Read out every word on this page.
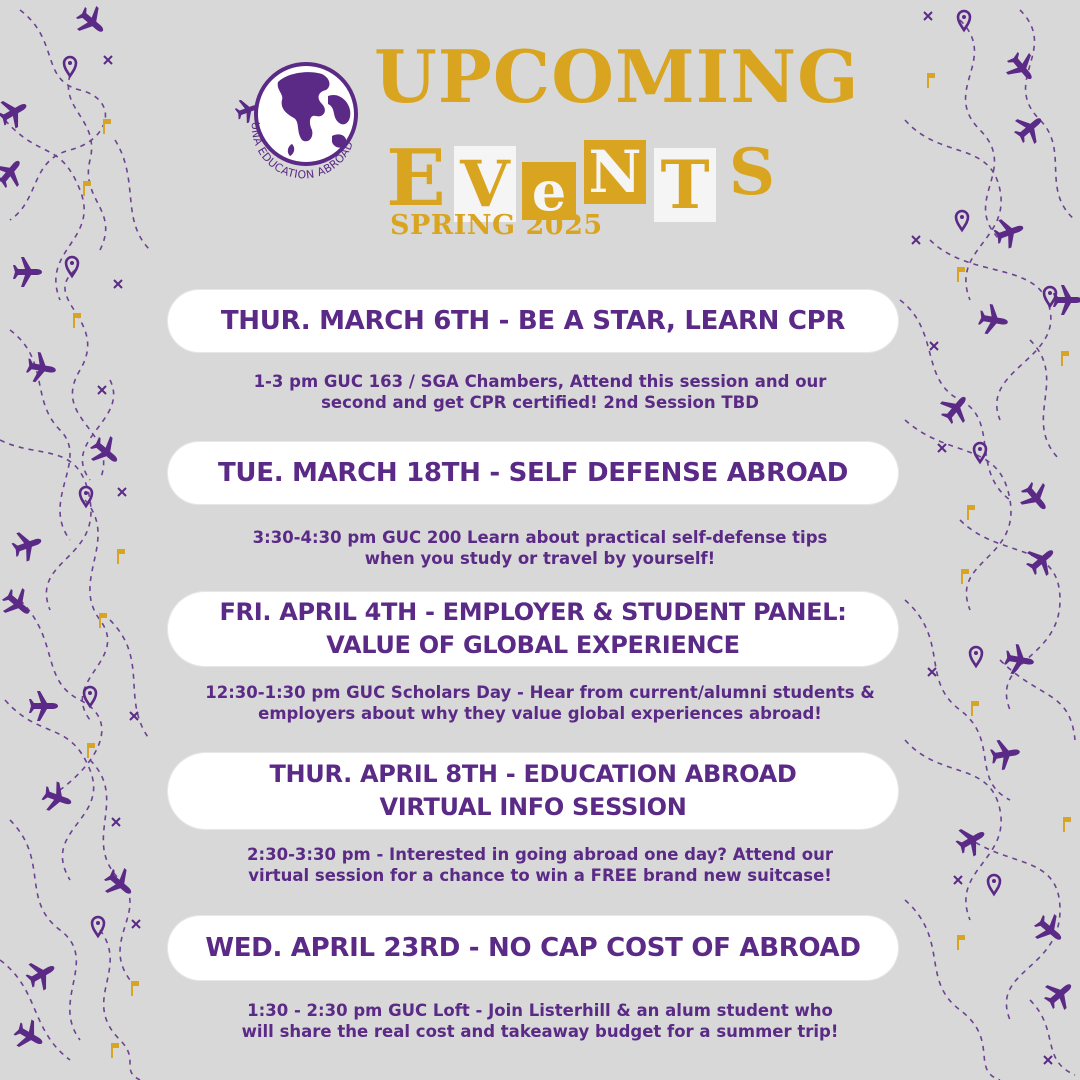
UNA EDUCATION ABROAD
UPCOMING
E V e N T S
SPRING 2025
THUR. MARCH 6TH - BE A STAR, LEARN CPR
1-3 pm GUC 163 / SGA Chambers, Attend this session and our
second and get CPR certified! 2nd Session TBD
TUE. MARCH 18TH - SELF DEFENSE ABROAD
3:30-4:30 pm GUC 200 Learn about practical self-defense tips
when you study or travel by yourself!
FRI. APRIL 4TH - EMPLOYER & STUDENT PANEL:
VALUE OF GLOBAL EXPERIENCE
12:30-1:30 pm GUC Scholars Day - Hear from current/alumni students &
employers about why they value global experiences abroad!
THUR. APRIL 8TH - EDUCATION ABROAD
VIRTUAL INFO SESSION
2:30-3:30 pm - Interested in going abroad one day? Attend our
virtual session for a chance to win a FREE brand new suitcase!
WED. APRIL 23RD - NO CAP COST OF ABROAD
1:30 - 2:30 pm GUC Loft - Join Listerhill & an alum student who
will share the real cost and takeaway budget for a summer trip!
